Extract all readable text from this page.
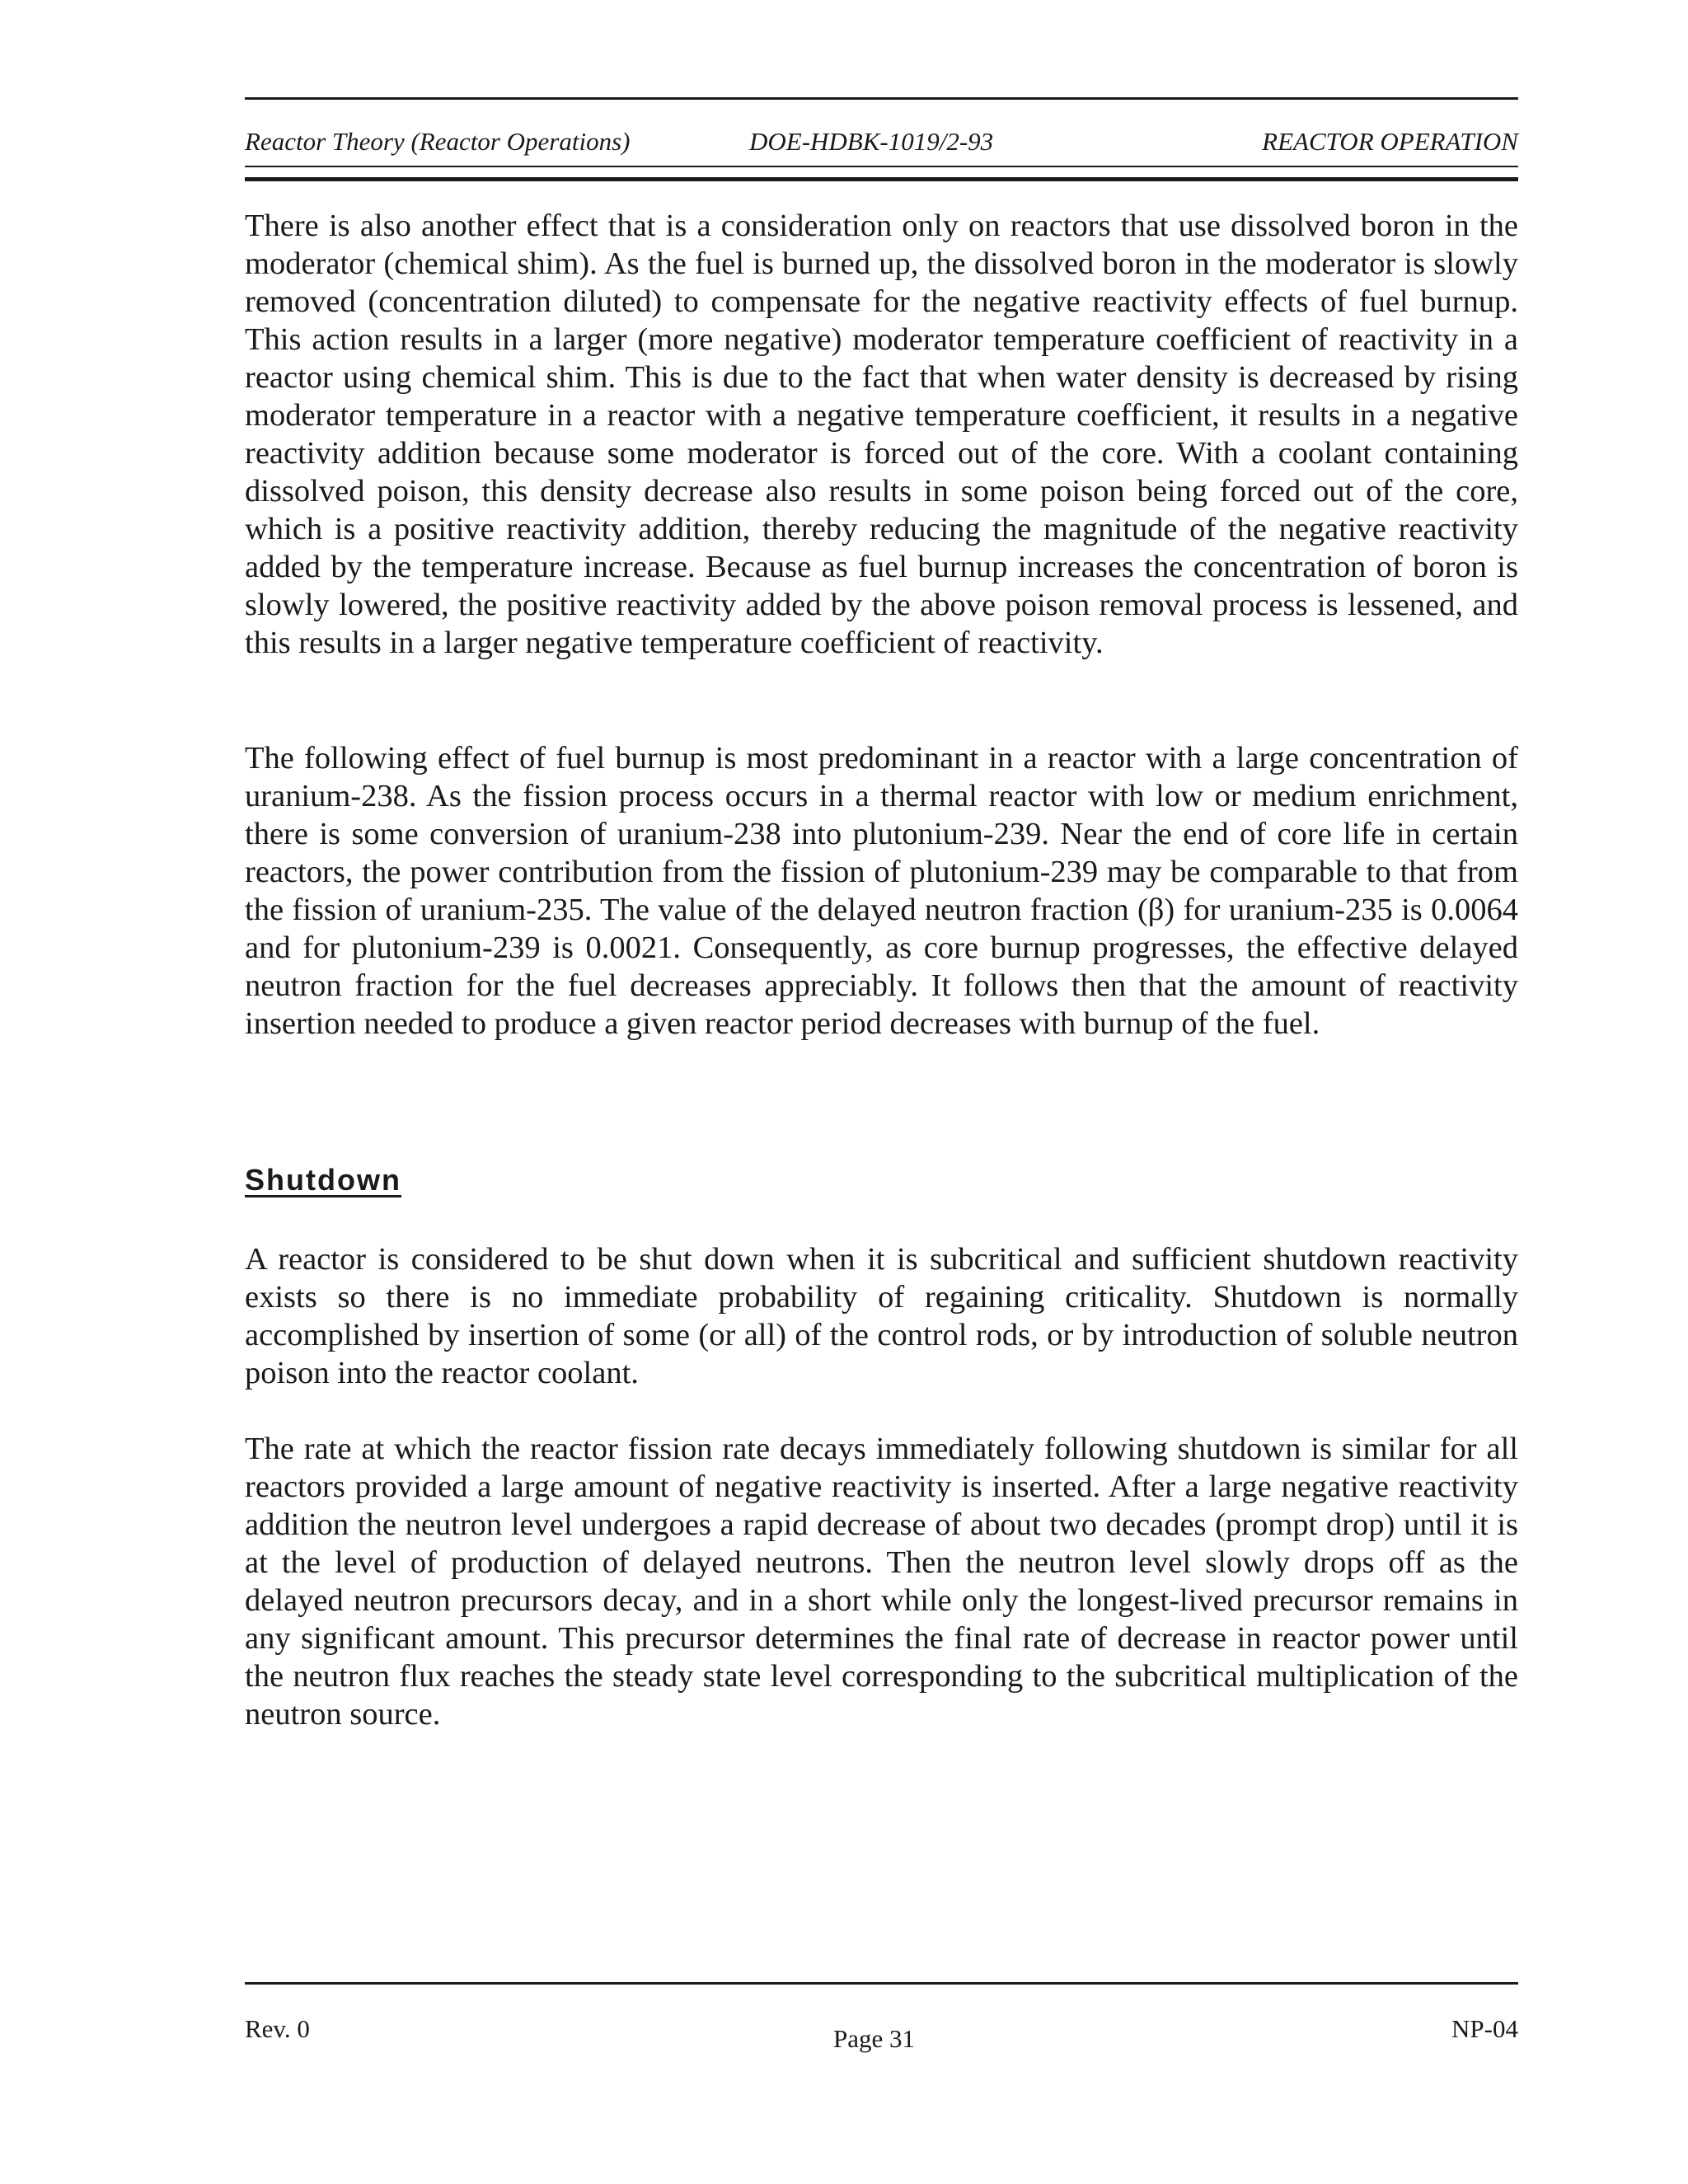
Reactor Theory (Reactor Operations)	DOE-HDBK-1019/2-93	REACTOR OPERATION

There is also another effect that is a consideration only on reactors that use dissolved boron in the moderator (chemical shim). As the fuel is burned up, the dissolved boron in the moderator is slowly removed (concentration diluted) to compensate for the negative reactivity effects of fuel burnup. This action results in a larger (more negative) moderator temperature coefficient of reactivity in a reactor using chemical shim. This is due to the fact that when water density is decreased by rising moderator temperature in a reactor with a negative temperature coefficient, it results in a negative reactivity addition because some moderator is forced out of the core. With a coolant containing dissolved poison, this density decrease also results in some poison being forced out of the core, which is a positive reactivity addition, thereby reducing the magnitude of the negative reactivity added by the temperature increase. Because as fuel burnup increases the concentration of boron is slowly lowered, the positive reactivity added by the above poison removal process is lessened, and this results in a larger negative temperature coefficient of reactivity.

The following effect of fuel burnup is most predominant in a reactor with a large concentration of uranium-238. As the fission process occurs in a thermal reactor with low or medium enrichment, there is some conversion of uranium-238 into plutonium-239. Near the end of core life in certain reactors, the power contribution from the fission of plutonium-239 may be comparable to that from the fission of uranium-235. The value of the delayed neutron fraction (β) for uranium-235 is 0.0064 and for plutonium-239 is 0.0021. Consequently, as core burnup progresses, the effective delayed neutron fraction for the fuel decreases appreciably. It follows then that the amount of reactivity insertion needed to produce a given reactor period decreases with burnup of the fuel.

Shutdown

A reactor is considered to be shut down when it is subcritical and sufficient shutdown reactivity exists so there is no immediate probability of regaining criticality. Shutdown is normally accomplished by insertion of some (or all) of the control rods, or by introduction of soluble neutron poison into the reactor coolant.

The rate at which the reactor fission rate decays immediately following shutdown is similar for all reactors provided a large amount of negative reactivity is inserted. After a large negative reactivity addition the neutron level undergoes a rapid decrease of about two decades (prompt drop) until it is at the level of production of delayed neutrons. Then the neutron level slowly drops off as the delayed neutron precursors decay, and in a short while only the longest-lived precursor remains in any significant amount. This precursor determines the final rate of decrease in reactor power until the neutron flux reaches the steady state level corresponding to the subcritical multiplication of the neutron source.

Rev. 0	Page 31	NP-04
